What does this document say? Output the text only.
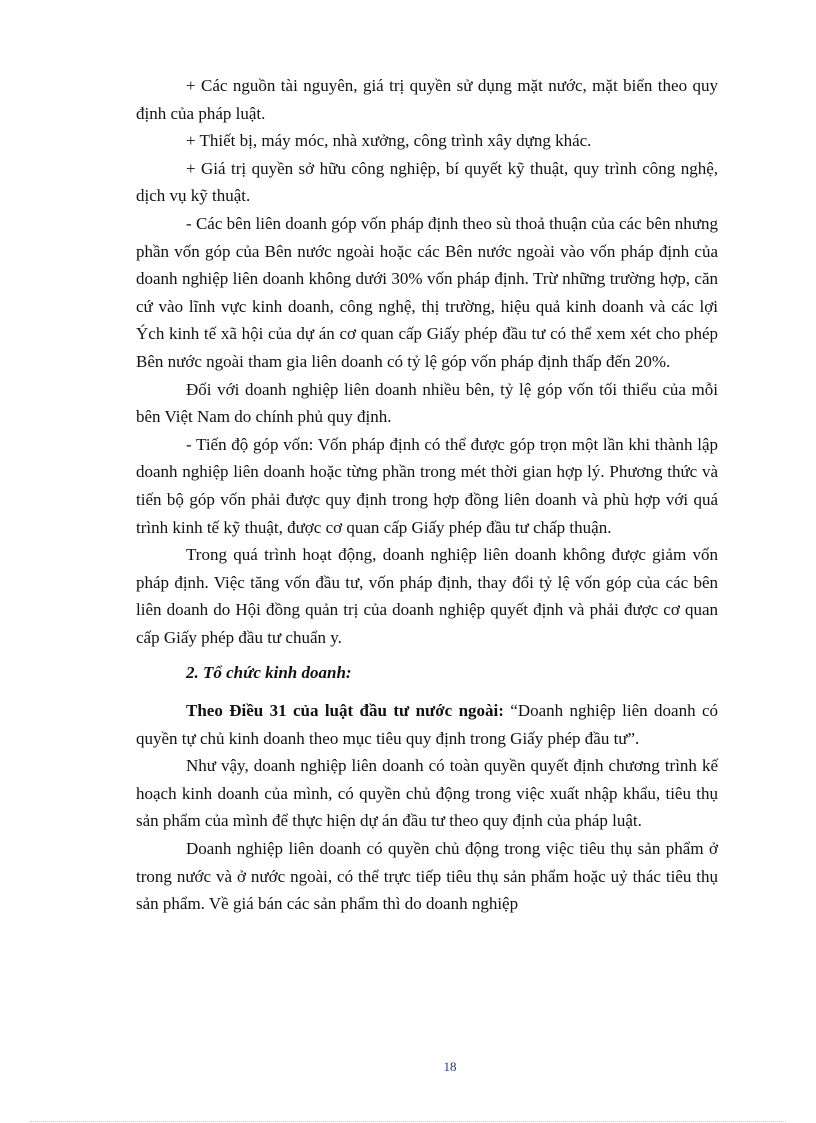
+ Các nguồn tài nguyên, giá trị quyền sử dụng mặt nước, mặt biển theo quy định của pháp luật.

+ Thiết bị, máy móc, nhà xưởng, công trình xây dựng khác.

+ Giá trị quyền sở hữu công nghiệp, bí quyết kỹ thuật, quy trình công nghệ, dịch vụ kỹ thuật.

- Các bên liên doanh góp vốn pháp định theo sù thoả thuận của các bên nhưng phần vốn góp của Bên nước ngoài hoặc các Bên nước ngoài vào vốn pháp định của doanh nghiệp liên doanh không dưới 30% vốn pháp định. Trừ những trường hợp, căn cứ vào lĩnh vực kinh doanh, công nghệ, thị trường, hiệu quả kinh doanh và các lợi Ých kinh tế xã hội của dự án cơ quan cấp Giấy phép đầu tư có thể xem xét cho phép Bên nước ngoài tham gia liên doanh có tỷ lệ góp vốn pháp định thấp đến 20%.

Đối với doanh nghiệp liên doanh nhiều bên, tỷ lệ góp vốn tối thiểu của mỗi bên Việt Nam do chính phủ quy định.

- Tiến độ góp vốn: Vốn pháp định có thể được góp trọn một lần khi thành lập doanh nghiệp liên doanh hoặc từng phần trong mét thời gian hợp lý. Phương thức và tiến bộ góp vốn phải được quy định trong hợp đồng liên doanh và phù hợp với quá trình kinh tế kỹ thuật, được cơ quan cấp Giấy phép đầu tư chấp thuận.

Trong quá trình hoạt động, doanh nghiệp liên doanh không được giảm vốn pháp định. Việc tăng vốn đầu tư, vốn pháp định, thay đổi tỷ lệ vốn góp của các bên liên doanh do Hội đồng quản trị của doanh nghiệp quyết định và phải được cơ quan cấp Giấy phép đầu tư chuẩn y.

2. Tổ chức kinh doanh:

Theo Điều 31 của luật đầu tư nước ngoài: “Doanh nghiệp liên doanh có quyền tự chủ kinh doanh theo mục tiêu quy định trong Giấy phép đầu tư”.

Như vậy, doanh nghiệp liên doanh có toàn quyền quyết định chương trình kế hoạch kinh doanh của mình, có quyền chủ động trong việc xuất nhập khẩu, tiêu thụ sản phẩm của mình để thực hiện dự án đầu tư theo quy định của pháp luật.

Doanh nghiệp liên doanh có quyền chủ động trong việc tiêu thụ sản phẩm ở trong nước và ở nước ngoài, có thể trực tiếp tiêu thụ sản phẩm hoặc uỷ thác tiêu thụ sản phẩm. Về giá bán các sản phẩm thì do doanh nghiệp

18
